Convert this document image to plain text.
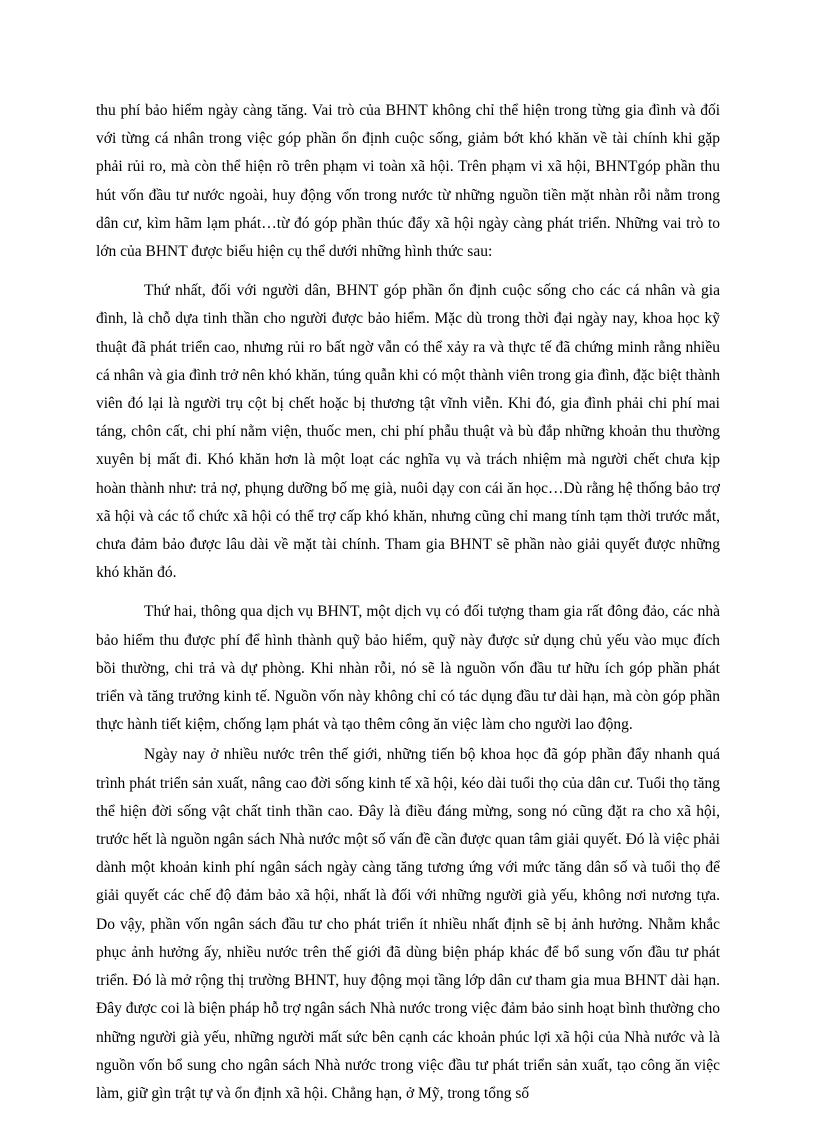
thu phí bảo hiểm ngày càng tăng. Vai trò của BHNT không chỉ thể hiện trong từng gia đình và đối với từng cá nhân trong việc góp phần ổn định cuộc sống, giảm bớt khó khăn về tài chính khi gặp phải rủi ro, mà còn thể hiện rõ trên phạm vi toàn xã hội. Trên phạm vi xã hội, BHNTgóp phần thu hút vốn đầu tư nước ngoài, huy động vốn trong nước từ những nguồn tiền mặt nhàn rỗi nằm trong dân cư, kìm hãm lạm phát…từ đó góp phần thúc đẩy xã hội ngày càng phát triển. Những vai trò to lớn của BHNT được biểu hiện cụ thể dưới những hình thức sau:

Thứ nhất, đối với người dân, BHNT góp phần ổn định cuộc sống cho các cá nhân và gia đình, là chỗ dựa tinh thần cho người được bảo hiểm. Mặc dù trong thời đại ngày nay, khoa học kỹ thuật đã phát triển cao, nhưng rủi ro bất ngờ vẫn có thể xảy ra và thực tế đã chứng minh rằng nhiều cá nhân và gia đình trở nên khó khăn, túng quẫn khi có một thành viên trong gia đình, đặc biệt thành viên đó lại là người trụ cột bị chết hoặc bị thương tật vĩnh viễn. Khi đó, gia đình phải chi phí mai táng, chôn cất, chi phí nằm viện, thuốc men, chi phí phẫu thuật và bù đắp những khoản thu thường xuyên bị mất đi. Khó khăn hơn là một loạt các nghĩa vụ và trách nhiệm mà người chết chưa kịp hoàn thành như: trả nợ, phụng dưỡng bố mẹ già, nuôi dạy con cái ăn học…Dù rằng hệ thống bảo trợ xã hội và các tổ chức xã hội có thể trợ cấp khó khăn, nhưng cũng chỉ mang tính tạm thời trước mắt, chưa đảm bảo được lâu dài về mặt tài chính. Tham gia BHNT sẽ phần nào giải quyết được những khó khăn đó.

Thứ hai, thông qua dịch vụ BHNT, một dịch vụ có đối tượng tham gia rất đông đảo, các nhà bảo hiểm thu được phí để hình thành quỹ bảo hiểm, quỹ này được sử dụng chủ yếu vào mục đích bồi thường, chi trả và dự phòng. Khi nhàn rỗi, nó sẽ là nguồn vốn đầu tư hữu ích góp phần phát triển và tăng trưởng kinh tế. Nguồn vốn này không chỉ có tác dụng đầu tư dài hạn, mà còn góp phần thực hành tiết kiệm, chống lạm phát và tạo thêm công ăn việc làm cho người lao động.

Ngày nay ở nhiều nước trên thế giới, những tiến bộ khoa học đã góp phần đẩy nhanh quá trình phát triển sản xuất, nâng cao đời sống kinh tế xã hội, kéo dài tuổi thọ của dân cư. Tuổi thọ tăng thể hiện đời sống vật chất tinh thần cao. Đây là điều đáng mừng, song nó cũng đặt ra cho xã hội, trước hết là nguồn ngân sách Nhà nước một số vấn đề cần được quan tâm giải quyết. Đó là việc phải dành một khoản kinh phí ngân sách ngày càng tăng tương ứng với mức tăng dân số và tuổi thọ để giải quyết các chế độ đảm bảo xã hội, nhất là đối với những người già yếu, không nơi nương tựa. Do vậy, phần vốn ngân sách đầu tư cho phát triển ít nhiều nhất định sẽ bị ảnh hưởng. Nhằm khắc phục ảnh hưởng ấy, nhiều nước trên thế giới đã dùng biện pháp khác để bổ sung vốn đầu tư phát triển. Đó là mở rộng thị trường BHNT, huy động mọi tầng lớp dân cư tham gia mua BHNT dài hạn. Đây được coi là biện pháp hỗ trợ ngân sách Nhà nước trong việc đảm bảo sinh hoạt bình thường cho những người già yếu, những người mất sức bên cạnh các khoản phúc lợi xã hội của Nhà nước và là nguồn vốn bổ sung cho ngân sách Nhà nước trong việc đầu tư phát triển sản xuất, tạo công ăn việc làm, giữ gìn trật tự và ổn định xã hội. Chẳng hạn, ở Mỹ, trong tổng số
